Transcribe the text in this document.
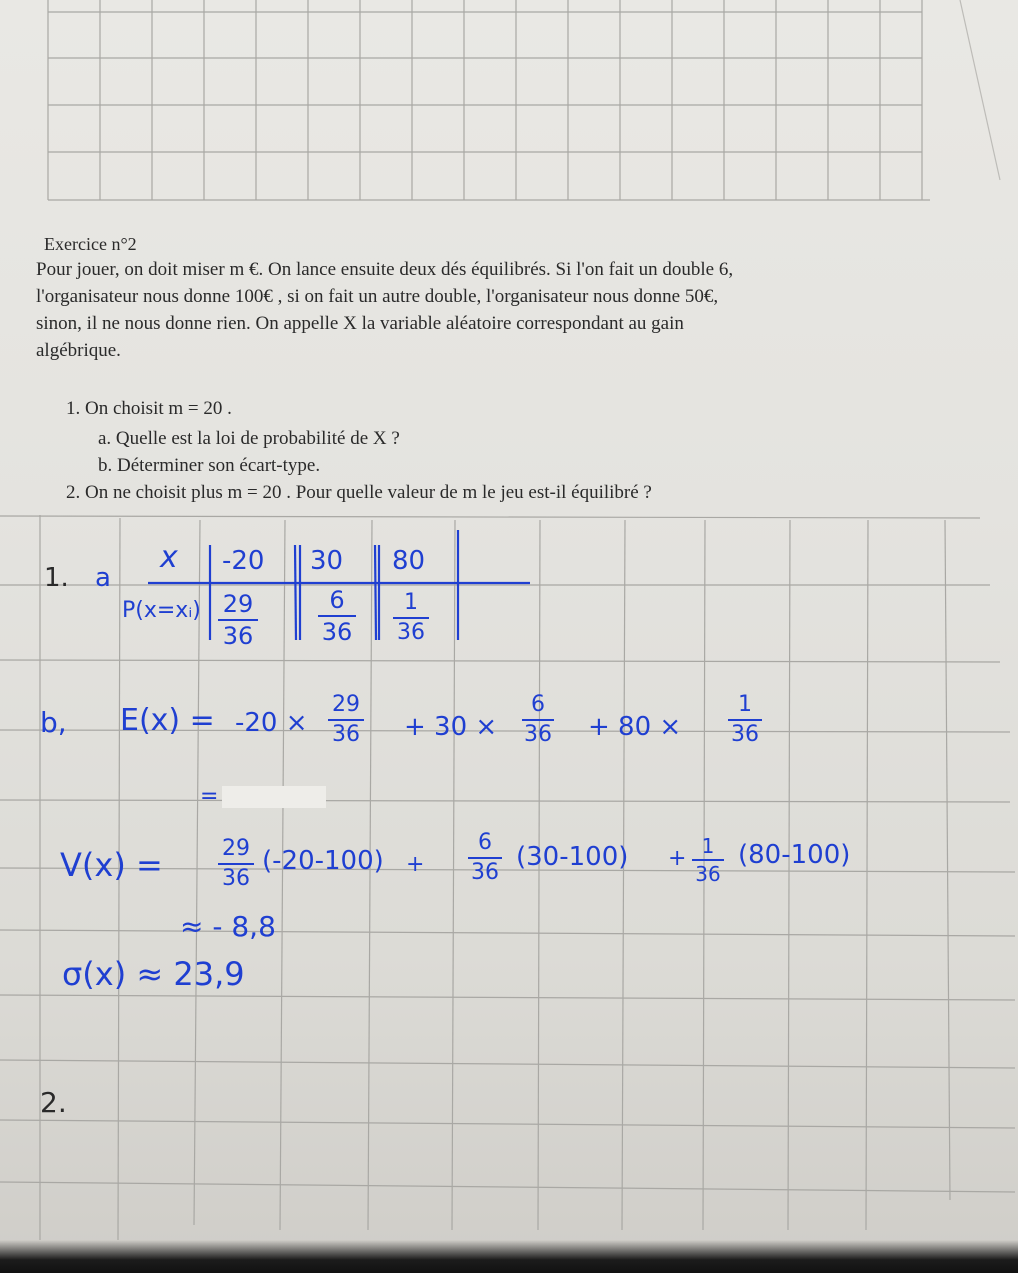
Exercice n°2
Pour jouer, on doit miser m €. On lance ensuite deux dés équilibrés. Si l'on fait un double 6,
l'organisateur nous donne 100€ , si on fait un autre double, l'organisateur nous donne 50€,
sinon, il ne nous donne rien. On appelle X la variable aléatoire correspondant au gain
algébrique.
1. On choisit m = 20 .
a. Quelle est la loi de probabilité de X ?
b. Déterminer son écart-type.
2. On ne choisit plus m = 20 . Pour quelle valeur de m le jeu est-il équilibré ?
1. a
x
P(x=xᵢ)
-20 30 80
29
36
6
36
1
36
b, E(x) = -20 ×
29
36 + 30 ×
6
36 + 80 ×
1
36
=
V(x) =	29
36
(-20-100) +
6
36
(30-100) + 1
36
(80-100)
≈ - 8,8
σ(x) ≈ 23,9
2.
